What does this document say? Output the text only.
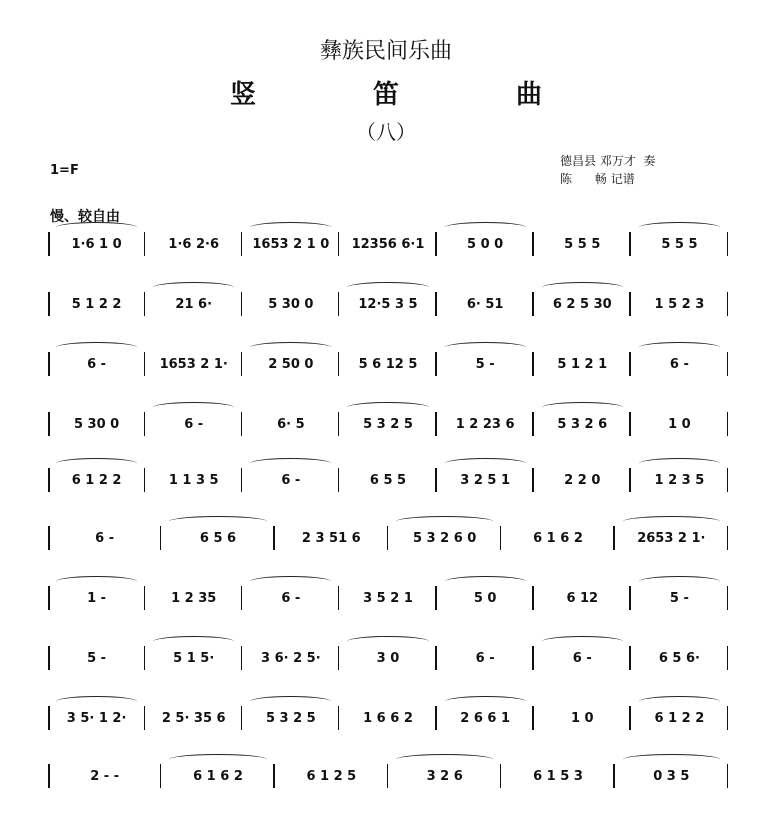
彝族民间乐曲
竖 笛 曲
（八）
1=F
德昌县 邓万才  奏
陈      畅 记谱
慢、较自由
1·6 1 0	1·6 2·6	1653 2 1 0	12356 6·1	5 0 0	5 5 5	5 5 5
5 1 2 2	21 6·	5 30 0	12·5 3 5	6· 51	6 2 5 30	1 5 2 3
6 -	1653 2 1·	2 50 0	5 6 12 5	5 -	5 1 2 1	6 -
5 30 0	6 -	6· 5	5 3 2 5	1 2 23 6	5 3 2 6	1 0
6 1 2 2	1 1 3 5	6 -	6 5 5	3 2 5 1	2 2 0	1 2 3 5
6 -	6 5 6	2 3 51 6	5 3 2 6 0	6 1 6 2	2653 2 1·
1 -	1 2 35	6 -	3 5 2 1	5 0	6 12	5 -
5 -	5 1 5·	3 6· 2 5·	3 0	6 -	6 -	6 5 6·
3 5· 1 2·	2 5· 35 6	5 3 2 5	1 6 6 2	2 6 6 1	1 0	6 1 2 2
2 - -	6 1 6 2	6 1 2 5	3 2 6	6 1 5 3	0 3 5
